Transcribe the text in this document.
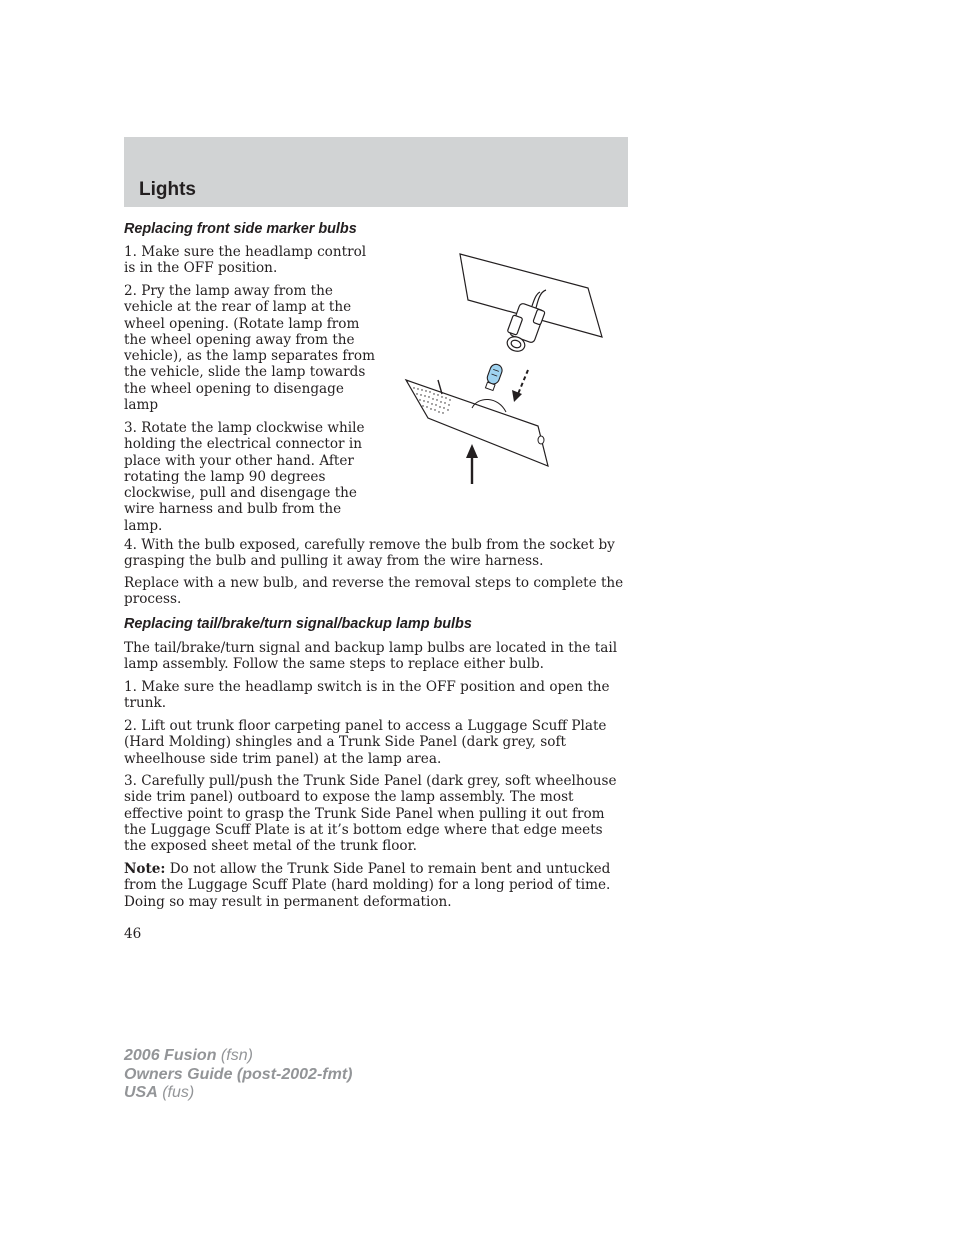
Lights
Replacing front side marker bulbs

1. Make sure the headlamp control is in the OFF position.

2. Pry the lamp away from the vehicle at the rear of lamp at the wheel opening. (Rotate lamp from the wheel opening away from the vehicle), as the lamp separates from the vehicle, slide the lamp towards the wheel opening to disengage lamp

3. Rotate the lamp clockwise while holding the electrical connector in place with your other hand. After rotating the lamp 90 degrees clockwise, pull and disengage the wire harness and bulb from the lamp.

4. With the bulb exposed, carefully remove the bulb from the socket by grasping the bulb and pulling it away from the wire harness.

Replace with a new bulb, and reverse the removal steps to complete the process.

Replacing tail/brake/turn signal/backup lamp bulbs

The tail/brake/turn signal and backup lamp bulbs are located in the tail lamp assembly. Follow the same steps to replace either bulb.

1. Make sure the headlamp switch is in the OFF position and open the trunk.

2. Lift out trunk floor carpeting panel to access a Luggage Scuff Plate (Hard Molding) shingles and a Trunk Side Panel (dark grey, soft wheelhouse side trim panel) at the lamp area.

3. Carefully pull/push the Trunk Side Panel (dark grey, soft wheelhouse side trim panel) outboard to expose the lamp assembly. The most effective point to grasp the Trunk Side Panel when pulling it out from the Luggage Scuff Plate is at it’s bottom edge where that edge meets the exposed sheet metal of the trunk floor.

Note: Do not allow the Trunk Side Panel to remain bent and untucked from the Luggage Scuff Plate (hard molding) for a long period of time. Doing so may result in permanent deformation.

46
2006 Fusion (fsn)
Owners Guide (post-2002-fmt)
USA (fus)
